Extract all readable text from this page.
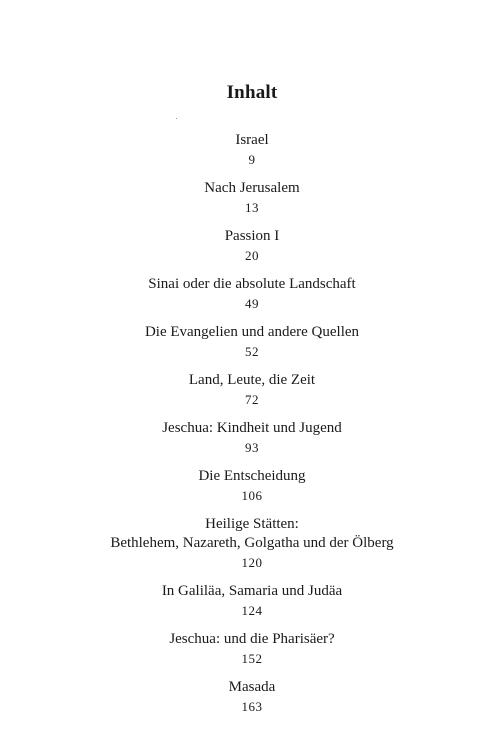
Inhalt
Israel
9
Nach Jerusalem
13
Passion I
20
Sinai oder die absolute Landschaft
49
Die Evangelien und andere Quellen
52
Land, Leute, die Zeit
72
Jeschua: Kindheit und Jugend
93
Die Entscheidung
106
Heilige Stätten:
Bethlehem, Nazareth, Golgatha und der Ölberg
120
In Galiläa, Samaria und Judäa
124
Jeschua: und die Pharisäer?
152
Masada
163
